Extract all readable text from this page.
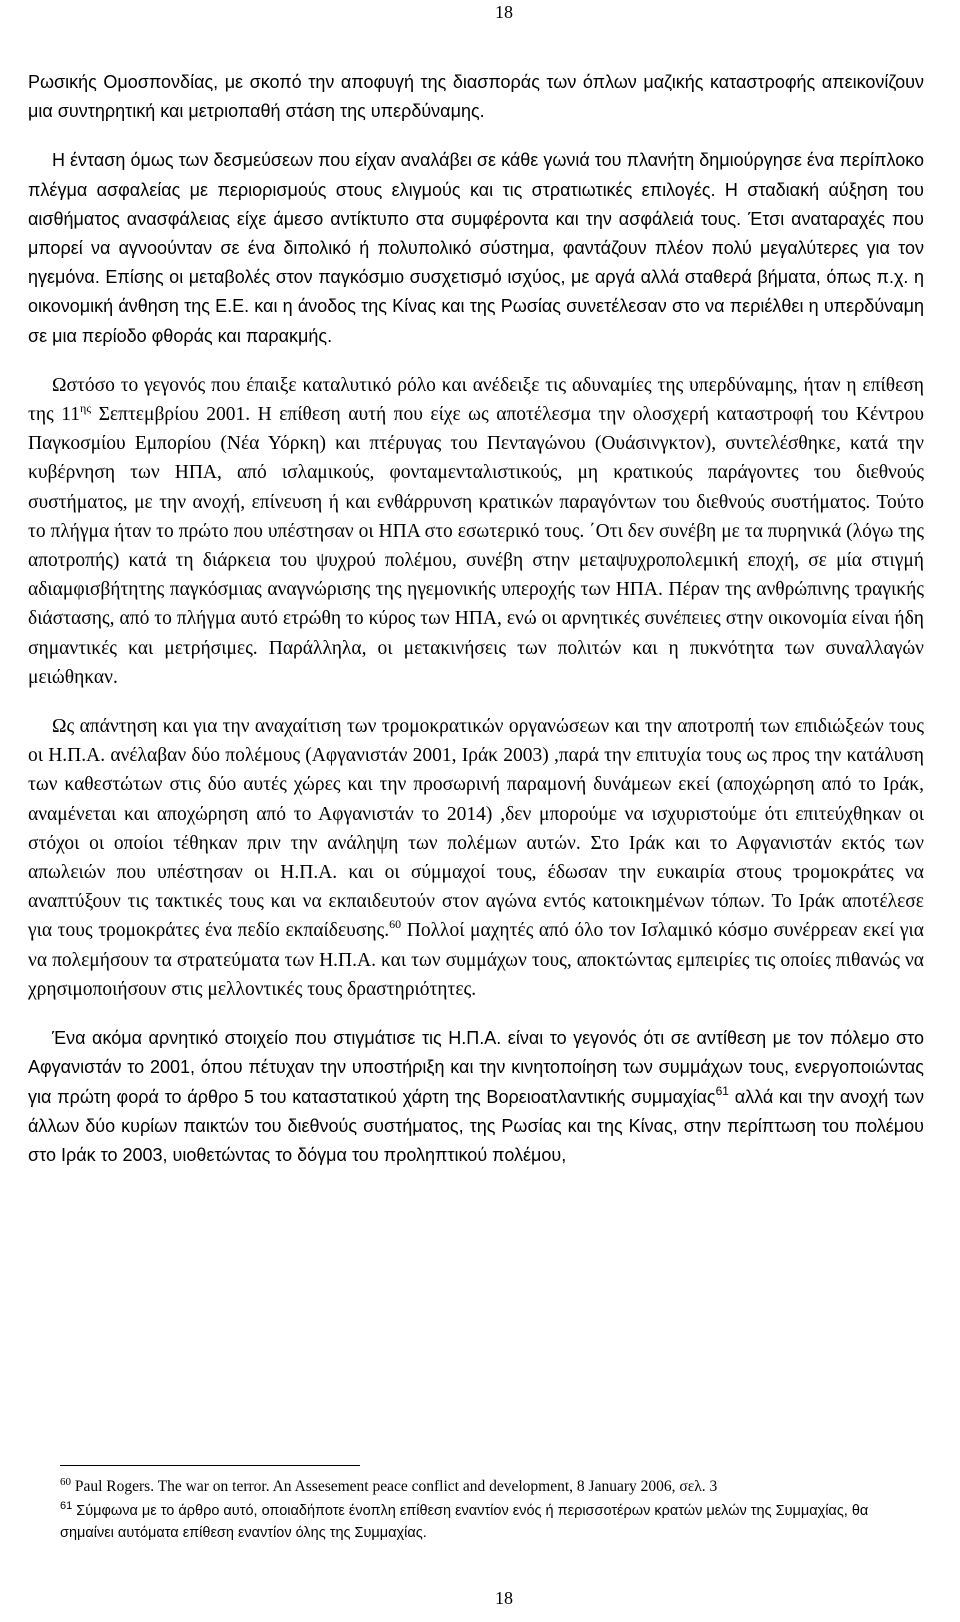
18

Ρωσικής Ομοσπονδίας, με σκοπό την αποφυγή της διασποράς των όπλων μαζικής καταστροφής απεικονίζουν μια συντηρητική και μετριοπαθή στάση της υπερδύναμης.

Η ένταση όμως των δεσμεύσεων που είχαν αναλάβει σε κάθε γωνιά του πλανήτη δημιούργησε ένα περίπλοκο πλέγμα ασφαλείας με περιορισμούς στους ελιγμούς και τις στρατιωτικές επιλογές. Η σταδιακή αύξηση του αισθήματος ανασφάλειας είχε άμεσο αντίκτυπο στα συμφέροντα και την ασφάλειά τους. Έτσι αναταραχές που μπορεί να αγνοούνταν σε ένα διπολικό ή πολυπολικό σύστημα, φαντάζουν πλέον πολύ μεγαλύτερες για τον ηγεμόνα. Επίσης οι μεταβολές στον παγκόσμιο συσχετισμό ισχύος, με αργά αλλά σταθερά βήματα, όπως π.χ. η οικονομική άνθηση της Ε.Ε. και η άνοδος της Κίνας και της Ρωσίας συνετέλεσαν στο να περιέλθει η υπερδύναμη σε μια περίοδο φθοράς και παρακμής.

Ωστόσο το γεγονός που έπαιξε καταλυτικό ρόλο και ανέδειξε τις αδυναμίες της υπερδύναμης, ήταν η επίθεση της $11^{\eta\varsigma}$ Σεπτεμβρίου 2001. Η επίθεση αυτή που είχε ως αποτέλεσμα την ολοσχερή καταστροφή του Κέντρου Παγκοσμίου Εμπορίου (Νέα Υόρκη) και πτέρυγας του Πενταγώνου (Ουάσινγκτον), συντελέσθηκε, κατά την κυβέρνηση των ΗΠΑ, από ισλαμικούς, φονταμενταλιστικούς, μη κρατικούς παράγοντες του διεθνούς συστήματος, με την ανοχή, επίνευση ή και ενθάρρυνση κρατικών παραγόντων του διεθνούς συστήματος. Τούτο το πλήγμα ήταν το πρώτο που υπέστησαν οι ΗΠΑ στο εσωτερικό τους. ΄Οτι δεν συνέβη με τα πυρηνικά (λόγω της αποτροπής) κατά τη διάρκεια του ψυχρού πολέμου, συνέβη στην μεταψυχροπολεμική εποχή, σε μία στιγμή αδιαμφισβήτητης παγκόσμιας αναγνώρισης της ηγεμονικής υπεροχής των ΗΠΑ. Πέραν της ανθρώπινης τραγικής διάστασης, από το πλήγμα αυτό ετρώθη το κύρος των ΗΠΑ, ενώ οι αρνητικές συνέπειες στην οικονομία είναι ήδη σημαντικές και μετρήσιμες. Παράλληλα, οι μετακινήσεις των πολιτών και η πυκνότητα των συναλλαγών μειώθηκαν.

Ως απάντηση και για την αναχαίτιση των τρομοκρατικών οργανώσεων και την αποτροπή των επιδιώξεών τους οι Η.Π.Α. ανέλαβαν δύο πολέμους (Αφγανιστάν 2001, Ιράκ 2003) ,παρά την επιτυχία τους ως προς την κατάλυση των καθεστώτων στις δύο αυτές χώρες και την προσωρινή παραμονή δυνάμεων εκεί (αποχώρηση από το Ιράκ, αναμένεται και αποχώρηση από το Αφγανιστάν το 2014) ,δεν μπορούμε να ισχυριστούμε ότι επιτεύχθηκαν οι στόχοι οι οποίοι τέθηκαν πριν την ανάληψη των πολέμων αυτών. Στο Ιράκ και το Αφγανιστάν εκτός των απωλειών που υπέστησαν οι Η.Π.Α. και οι σύμμαχοί τους, έδωσαν την ευκαιρία στους τρομοκράτες να αναπτύξουν τις τακτικές τους και να εκπαιδευτούν στον αγώνα εντός κατοικημένων τόπων. Το Ιράκ αποτέλεσε για τους τρομοκράτες ένα πεδίο εκπαίδευσης.$^{60}$ Πολλοί μαχητές από όλο τον Ισλαμικό κόσμο συνέρρεαν εκεί για να πολεμήσουν τα στρατεύματα των Η.Π.Α. και των συμμάχων τους, αποκτώντας εμπειρίες τις οποίες πιθανώς να χρησιμοποιήσουν στις μελλοντικές τους δραστηριότητες.

Ένα ακόμα αρνητικό στοιχείο που στιγμάτισε τις Η.Π.Α. είναι το γεγονός ότι σε αντίθεση με τον πόλεμο στο Αφγανιστάν το 2001, όπου πέτυχαν την υποστήριξη και την κινητοποίηση των συμμάχων τους, ενεργοποιώντας για πρώτη φορά το άρθρο 5 του καταστατικού χάρτη της Βορειοατλαντικής συμμαχίας$^{61}$ αλλά και την ανοχή των άλλων δύο κυρίων παικτών του διεθνούς συστήματος, της Ρωσίας και της Κίνας, στην περίπτωση του πολέμου στο Ιράκ το 2003, υιοθετώντας το δόγμα του προληπτικού πολέμου,

$^{60}$ Paul Rogers. The war on terror. An Assesement peace conflict and development, 8 January 2006, σελ. 3

$^{61}$ Σύμφωνα με το άρθρο αυτό, οποιαδήποτε ένοπλη επίθεση εναντίον ενός ή περισσοτέρων κρατών μελών της Συμμαχίας, θα σημαίνει αυτόματα επίθεση εναντίον όλης της Συμμαχίας.

18
